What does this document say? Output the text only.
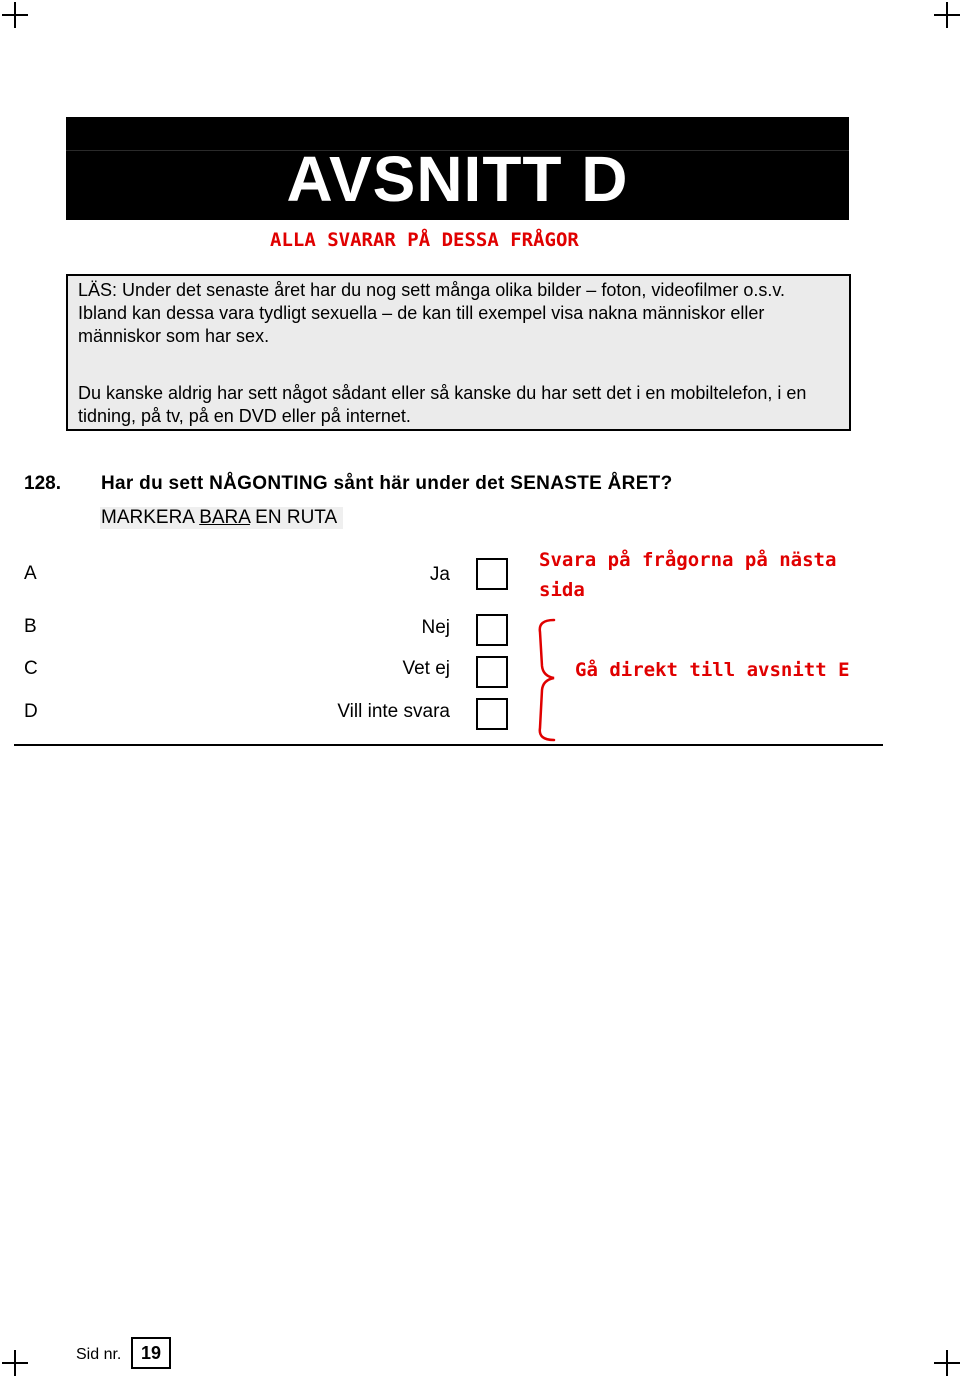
AVSNITT D
ALLA SVARAR PÅ DESSA FRÅGOR
LÄS: Under det senaste året har du nog sett många olika bilder – foton, videofilmer o.s.v. Ibland kan dessa vara tydligt sexuella – de kan till exempel visa nakna människor eller människor som har sex.
Du kanske aldrig har sett något sådant eller så kanske du har sett det i en mobiltelefon, i en tidning, på tv, på en DVD eller på internet.
128. Har du sett NÅGONTING sånt här under det SENASTE ÅRET?
MARKERA BARA EN RUTA
A	Ja
B	Nej
C	Vet ej
D	Vill inte svara
Svara på frågorna på nästa sida
Gå direkt till avsnitt E
Sid nr.	19
